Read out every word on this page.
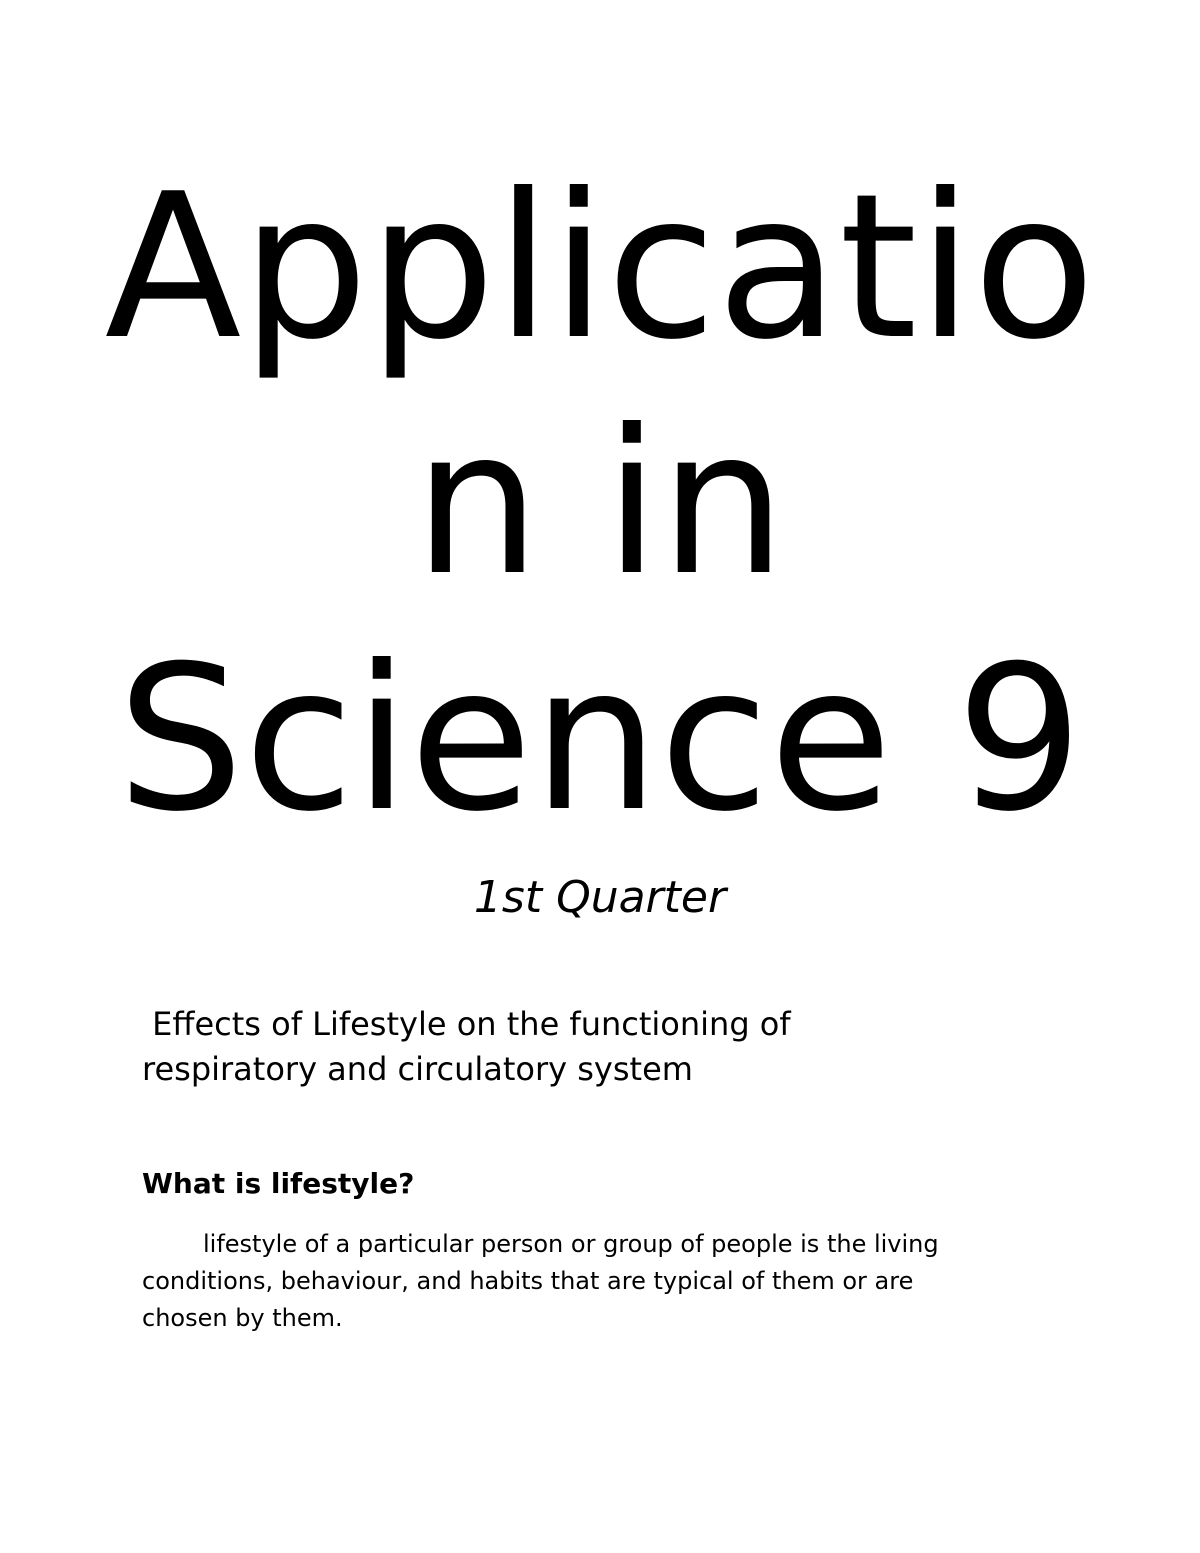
Applicatio
n in
Science 9
1st Quarter
Effects of Lifestyle on the functioning of
respiratory and circulatory system
What is lifestyle?
lifestyle of a particular person or group of people is the living
conditions, behaviour, and habits that are typical of them or are
chosen by them.
